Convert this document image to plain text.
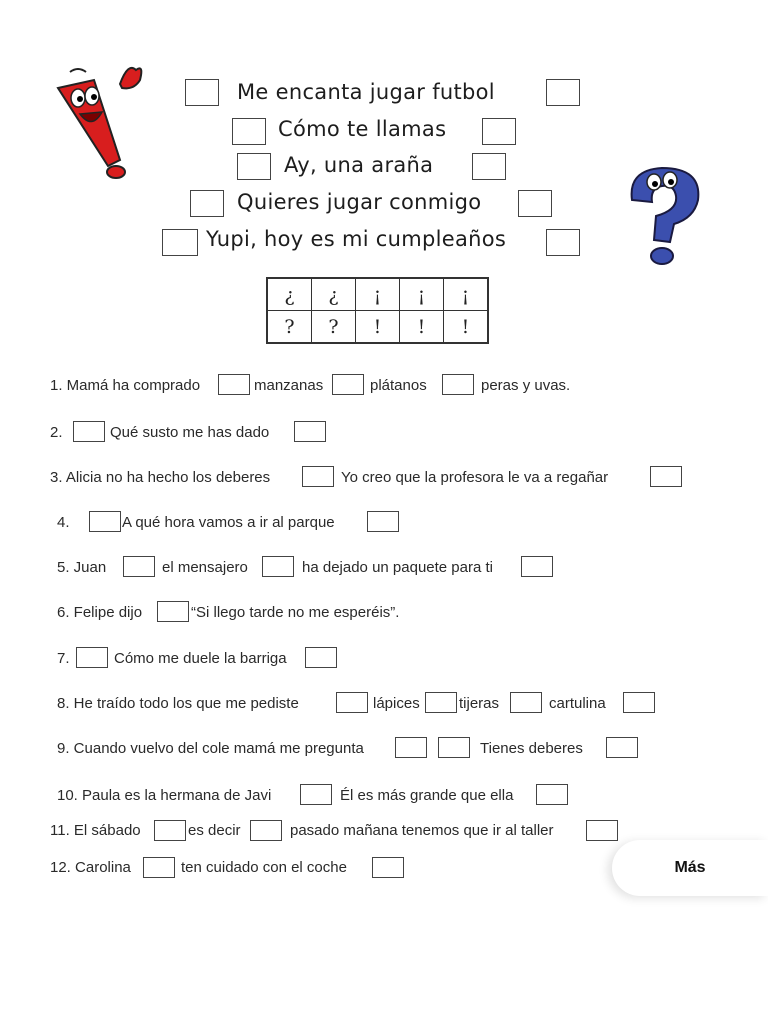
Me encanta jugar futbol
Cómo te llamas
Ay, una araña
Quieres jugar conmigo
Yupi, hoy es mi cumpleaños
¿	¿	¡	¡	¡
?	?	!	!	!
1. Mamá ha comprado	manzanas	plátanos	peras y uvas.
2.	Qué susto me has dado
3. Alicia no ha hecho los deberes	Yo creo que la profesora le va a regañar
4.	A qué hora vamos a ir al parque
5. Juan	el mensajero	ha dejado un paquete para ti
6. Felipe dijo	“Si llego tarde no me esperéis”.
7.	Cómo me duele la barriga
8. He traído todo los que me pediste	lápices	tijeras	cartulina
9. Cuando vuelvo del cole mamá me pregunta	Tienes deberes
10. Paula es la hermana de Javi	Él es más grande que ella
11. El sábado	es decir	pasado mañana tenemos que ir al taller
12. Carolina	ten cuidado con el coche	Más
